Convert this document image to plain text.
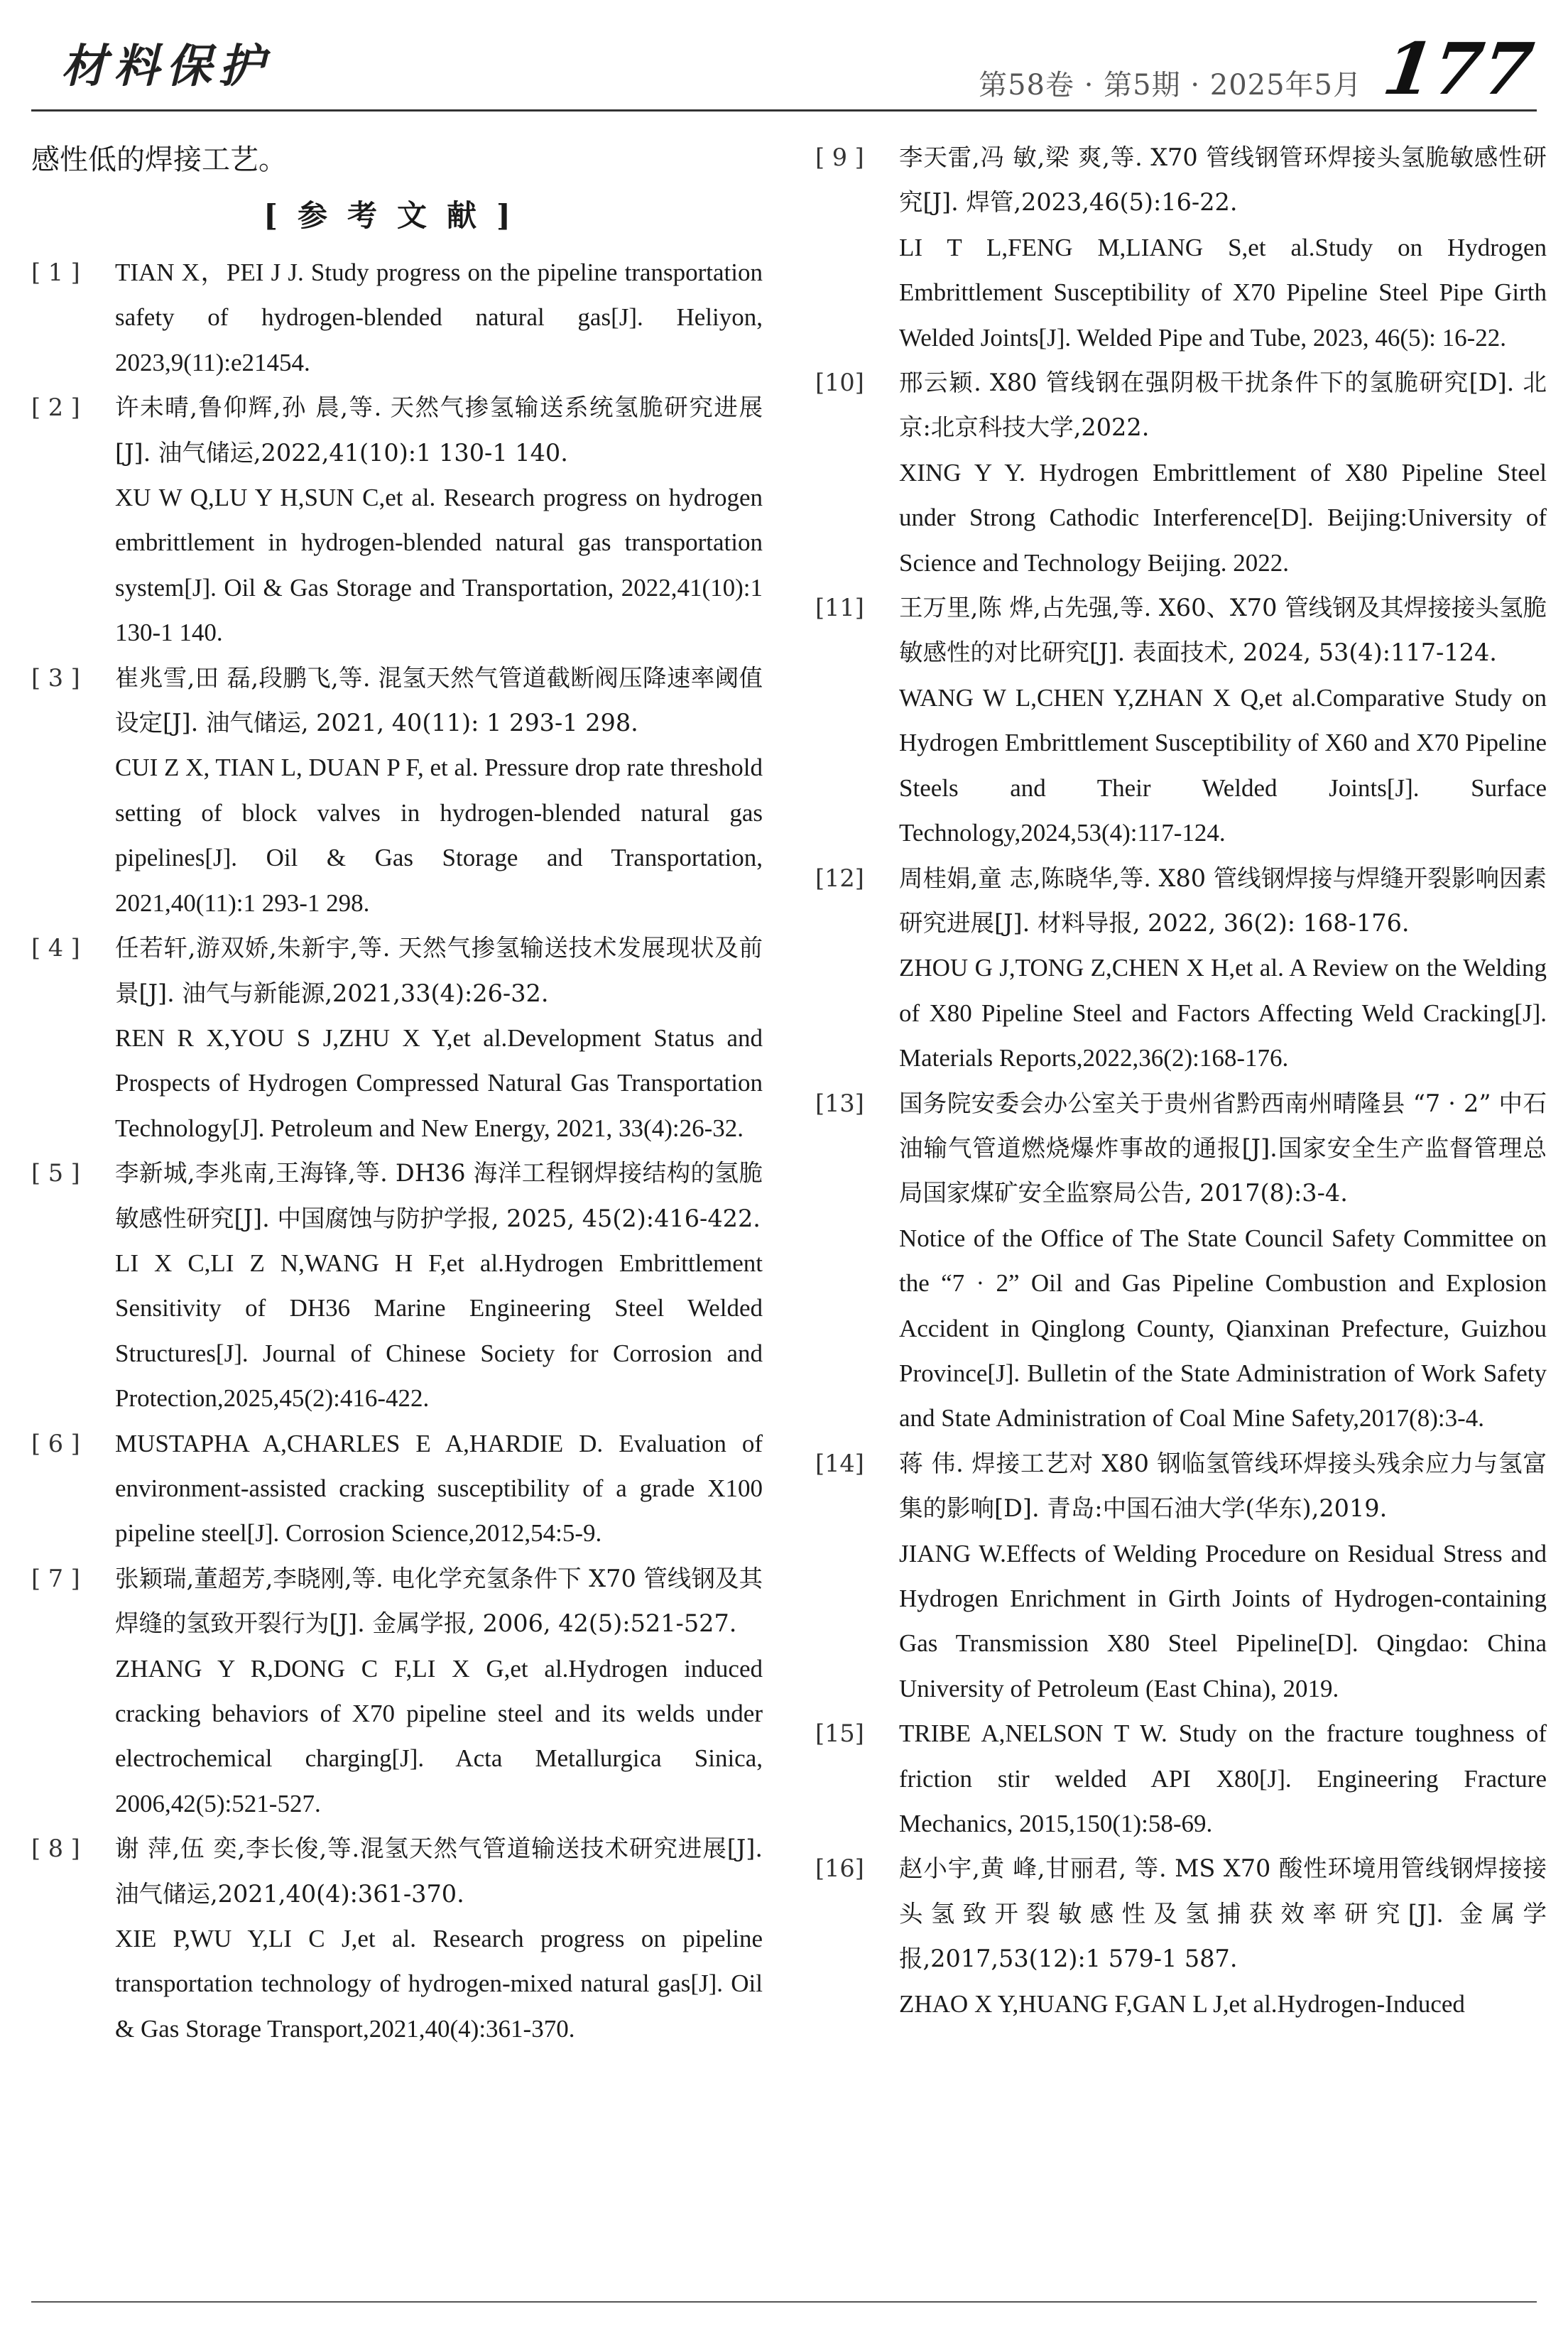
材料保护	第58卷 · 第5期 · 2025年5月 177

感性低的焊接工艺。

[参考文献]
[ 1 ]	TIAN X，PEI J J. Study progress on the pipeline transportation safety of hydrogen-blended natural gas[J]. Heliyon, 2023,9(11):e21454.

[ 2 ]	许未晴,鲁仰辉,孙 晨,等. 天然气掺氢输送系统氢脆研究进展[J]. 油气储运,2022,41(10):1 130-1 140.

XU W Q,LU Y H,SUN C,et al. Research progress on hydrogen embrittlement in hydrogen-blended natural gas transportation system[J]. Oil & Gas Storage and Transportation, 2022,41(10):1 130-1 140.

[ 3 ]	崔兆雪,田 磊,段鹏飞,等. 混氢天然气管道截断阀压降速率阈值设定[J]. 油气储运, 2021, 40(11): 1 293-1 298.

CUI Z X, TIAN L, DUAN P F, et al. Pressure drop rate threshold setting of block valves in hydrogen-blended natural gas pipelines[J]. Oil & Gas Storage and Transportation, 2021,40(11):1 293-1 298.

[ 4 ]	任若轩,游双娇,朱新宇,等. 天然气掺氢输送技术发展现状及前景[J]. 油气与新能源,2021,33(4):26-32.

REN R X,YOU S J,ZHU X Y,et al.Development Status and Prospects of Hydrogen Compressed Natural Gas Transportation Technology[J]. Petroleum and New Energy, 2021, 33(4):26-32.

[ 5 ]	李新城,李兆南,王海锋,等. DH36 海洋工程钢焊接结构的氢脆敏感性研究[J]. 中国腐蚀与防护学报, 2025, 45(2):416-422.

LI X C,LI Z N,WANG H F,et al.Hydrogen Embrittlement Sensitivity of DH36 Marine Engineering Steel Welded Structures[J]. Journal of Chinese Society for Corrosion and Protection,2025,45(2):416-422.

[ 6 ]	MUSTAPHA A,CHARLES E A,HARDIE D. Evaluation of environment-assisted cracking susceptibility of a grade X100 pipeline steel[J]. Corrosion Science,2012,54:5-9.

[ 7 ]	张颖瑞,董超芳,李晓刚,等. 电化学充氢条件下 X70 管线钢及其焊缝的氢致开裂行为[J]. 金属学报, 2006, 42(5):521-527.

ZHANG Y R,DONG C F,LI X G,et al.Hydrogen induced cracking behaviors of X70 pipeline steel and its welds under electrochemical charging[J]. Acta Metallurgica Sinica, 2006,42(5):521-527.

[ 8 ]	谢 萍,伍 奕,李长俊,等.混氢天然气管道输送技术研究进展[J].油气储运,2021,40(4):361-370.

XIE P,WU Y,LI C J,et al. Research progress on pipeline transportation technology of hydrogen-mixed natural gas[J]. Oil & Gas Storage Transport,2021,40(4):361-370.

[ 9 ]	李天雷,冯 敏,梁 爽,等. X70 管线钢管环焊接头氢脆敏感性研究[J]. 焊管,2023,46(5):16-22.

LI T L,FENG M,LIANG S,et al.Study on Hydrogen Embrittlement Susceptibility of X70 Pipeline Steel Pipe Girth Welded Joints[J]. Welded Pipe and Tube, 2023, 46(5): 16-22.

[10]	邢云颖. X80 管线钢在强阴极干扰条件下的氢脆研究[D]. 北京:北京科技大学,2022.

XING Y Y. Hydrogen Embrittlement of X80 Pipeline Steel under Strong Cathodic Interference[D]. Beijing:University of Science and Technology Beijing. 2022.

[11]	王万里,陈 烨,占先强,等. X60、X70 管线钢及其焊接接头氢脆敏感性的对比研究[J]. 表面技术, 2024, 53(4):117-124.

WANG W L,CHEN Y,ZHAN X Q,et al.Comparative Study on Hydrogen Embrittlement Susceptibility of X60 and X70 Pipeline Steels and Their Welded Joints[J]. Surface Technology,2024,53(4):117-124.

[12]	周桂娟,童 志,陈晓华,等. X80 管线钢焊接与焊缝开裂影响因素研究进展[J]. 材料导报, 2022, 36(2): 168-176.

ZHOU G J,TONG Z,CHEN X H,et al. A Review on the Welding of X80 Pipeline Steel and Factors Affecting Weld Cracking[J]. Materials Reports,2022,36(2):168-176.

[13]	国务院安委会办公室关于贵州省黔西南州晴隆县 “7 · 2” 中石油输气管道燃烧爆炸事故的通报[J].国家安全生产监督管理总局国家煤矿安全监察局公告, 2017(8):3-4.

Notice of the Office of The State Council Safety Committee on the “7 · 2” Oil and Gas Pipeline Combustion and Explosion Accident in Qinglong County, Qianxinan Prefecture, Guizhou Province[J]. Bulletin of the State Administration of Work Safety and State Administration of Coal Mine Safety,2017(8):3-4.

[14]	蒋 伟. 焊接工艺对 X80 钢临氢管线环焊接头残余应力与氢富集的影响[D]. 青岛:中国石油大学(华东),2019.

JIANG W.Effects of Welding Procedure on Residual Stress and Hydrogen Enrichment in Girth Joints of Hydrogen-containing Gas Transmission X80 Steel Pipeline[D]. Qingdao: China University of Petroleum (East China), 2019.

[15]	TRIBE A,NELSON T W. Study on the fracture toughness of friction stir welded API X80[J]. Engineering Fracture Mechanics, 2015,150(1):58-69.

[16]	赵小宇,黄 峰,甘丽君, 等. MS X70 酸性环境用管线钢焊接接头氢致开裂敏感性及氢捕获效率研究[J]. 金属学报,2017,53(12):1 579-1 587.

ZHAO X Y,HUANG F,GAN L J,et al.Hydrogen-Induced
